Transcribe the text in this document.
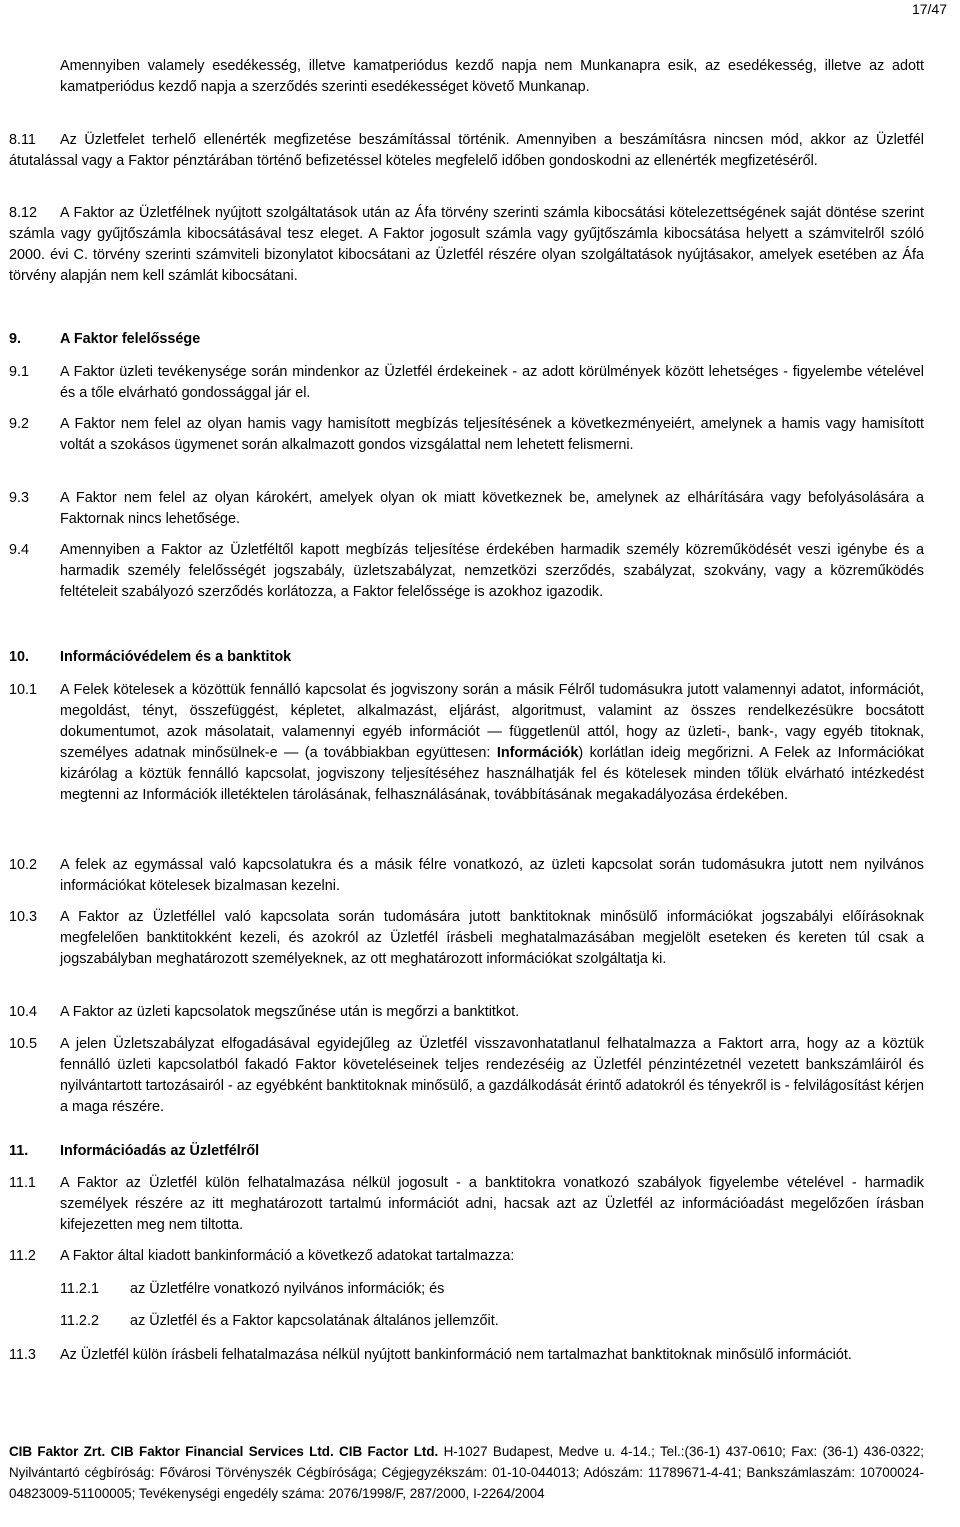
17/47

Amennyiben valamely esedékesség, illetve kamatperiódus kezdő napja nem Munkanapra esik, az esedékesség, illetve az adott kamatperiódus kezdő napja a szerződés szerinti esedékességet követő Munkanap.

8.11 Az Üzletfelet terhelő ellenérték megfizetése beszámítással történik. Amennyiben a beszámításra nincsen mód, akkor az Üzletfél átutalással vagy a Faktor pénztárában történő befizetéssel köteles megfelelő időben gondoskodni az ellenérték megfizetéséről.

8.12 A Faktor az Üzletfélnek nyújtott szolgáltatások után az Áfa törvény szerinti számla kibocsátási kötelezettségének saját döntése szerint számla vagy gyűjtőszámla kibocsátásával tesz eleget. A Faktor jogosult számla vagy gyűjtőszámla kibocsátása helyett a számvitelről szóló 2000. évi C. törvény szerinti számviteli bizonylatot kibocsátani az Üzletfél részére olyan szolgáltatások nyújtásakor, amelyek esetében az Áfa törvény alapján nem kell számlát kibocsátani.

9.	A Faktor felelőssége
9.1 A Faktor üzleti tevékenysége során mindenkor az Üzletfél érdekeinek - az adott körülmények között lehetséges - figyelembe vételével és a tőle elvárható gondossággal jár el.

9.2 A Faktor nem felel az olyan hamis vagy hamisított megbízás teljesítésének a következményeiért, amelynek a hamis vagy hamisított voltát a szokásos ügymenet során alkalmazott gondos vizsgálattal nem lehetett felismerni.

9.3 A Faktor nem felel az olyan károkért, amelyek olyan ok miatt következnek be, amelynek az elhárítására vagy befolyásolására a Faktornak nincs lehetősége.

9.4 Amennyiben a Faktor az Üzletféltől kapott megbízás teljesítése érdekében harmadik személy közreműködését veszi igénybe és a harmadik személy felelősségét jogszabály, üzletszabályzat, nemzetközi szerződés, szabályzat, szokvány, vagy a közreműködés feltételeit szabályozó szerződés korlátozza, a Faktor felelőssége is azokhoz igazodik.

10. Információvédelem és a banktitok
10.1 A Felek kötelesek a közöttük fennálló kapcsolat és jogviszony során a másik Félről tudomásukra jutott valamennyi adatot, információt, megoldást, tényt, összefüggést, képletet, alkalmazást, eljárást, algoritmust, valamint az összes rendelkezésükre bocsátott dokumentumot, azok másolatait, valamennyi egyéb információt — függetlenül attól, hogy az üzleti-, bank-, vagy egyéb titoknak, személyes adatnak minősülnek-e — (a továbbiakban együttesen: Információk) korlátlan ideig megőrizni. A Felek az Információkat kizárólag a köztük fennálló kapcsolat, jogviszony teljesítéséhez használhatják fel és kötelesek minden tőlük elvárható intézkedést megtenni az Információk illetéktelen tárolásának, felhasználásának, továbbításának megakadályozása érdekében.

10.2 A felek az egymással való kapcsolatukra és a másik félre vonatkozó, az üzleti kapcsolat során tudomásukra jutott nem nyilvános információkat kötelesek bizalmasan kezelni.

10.3 A Faktor az Üzletféllel való kapcsolata során tudomására jutott banktitoknak minősülő információkat jogszabályi előírásoknak megfelelően banktitokként kezeli, és azokról az Üzletfél írásbeli meghatalmazásában megjelölt eseteken és kereten túl csak a jogszabályban meghatározott személyeknek, az ott meghatározott információkat szolgáltatja ki.

10.4 A Faktor az üzleti kapcsolatok megszűnése után is megőrzi a banktitkot.

10.5 A jelen Üzletszabályzat elfogadásával egyidejűleg az Üzletfél visszavonhatatlanul felhatalmazza a Faktort arra, hogy az a köztük fennálló üzleti kapcsolatból fakadó Faktor követeléseinek teljes rendezéséig az Üzletfél pénzintézetnél vezetett bankszámláiról és nyilvántartott tartozásairól - az egyébként banktitoknak minősülő, a gazdálkodását érintő adatokról és tényekről is - felvilágosítást kérjen a maga részére.

11. Információadás az Üzletfélről
11.1 A Faktor az Üzletfél külön felhatalmazása nélkül jogosult - a banktitokra vonatkozó szabályok figyelembe vételével - harmadik személyek részére az itt meghatározott tartalmú információt adni, hacsak azt az Üzletfél az információadást megelőzően írásban kifejezetten meg nem tiltotta.

11.2 A Faktor által kiadott bankinformáció a következő adatokat tartalmazza:

11.2.1 az Üzletfélre vonatkozó nyilvános információk; és
11.2.2 az Üzletfél és a Faktor kapcsolatának általános jellemzőit.
11.3 Az Üzletfél külön írásbeli felhatalmazása nélkül nyújtott bankinformáció nem tartalmazhat banktitoknak minősülő információt.

CIB Faktor Zrt. CIB Faktor Financial Services Ltd. CIB Factor Ltd. H-1027 Budapest, Medve u. 4-14.; Tel.:(36-1) 437-0610; Fax: (36-1) 436-0322; Nyilvántartó cégbíróság: Fővárosi Törvényszék Cégbírósága; Cégjegyzékszám: 01-10-044013; Adószám: 11789671-4-41; Bankszámlaszám: 10700024-04823009-51100005; Tevékenységi engedély száma: 2076/1998/F, 287/2000, I-2264/2004
